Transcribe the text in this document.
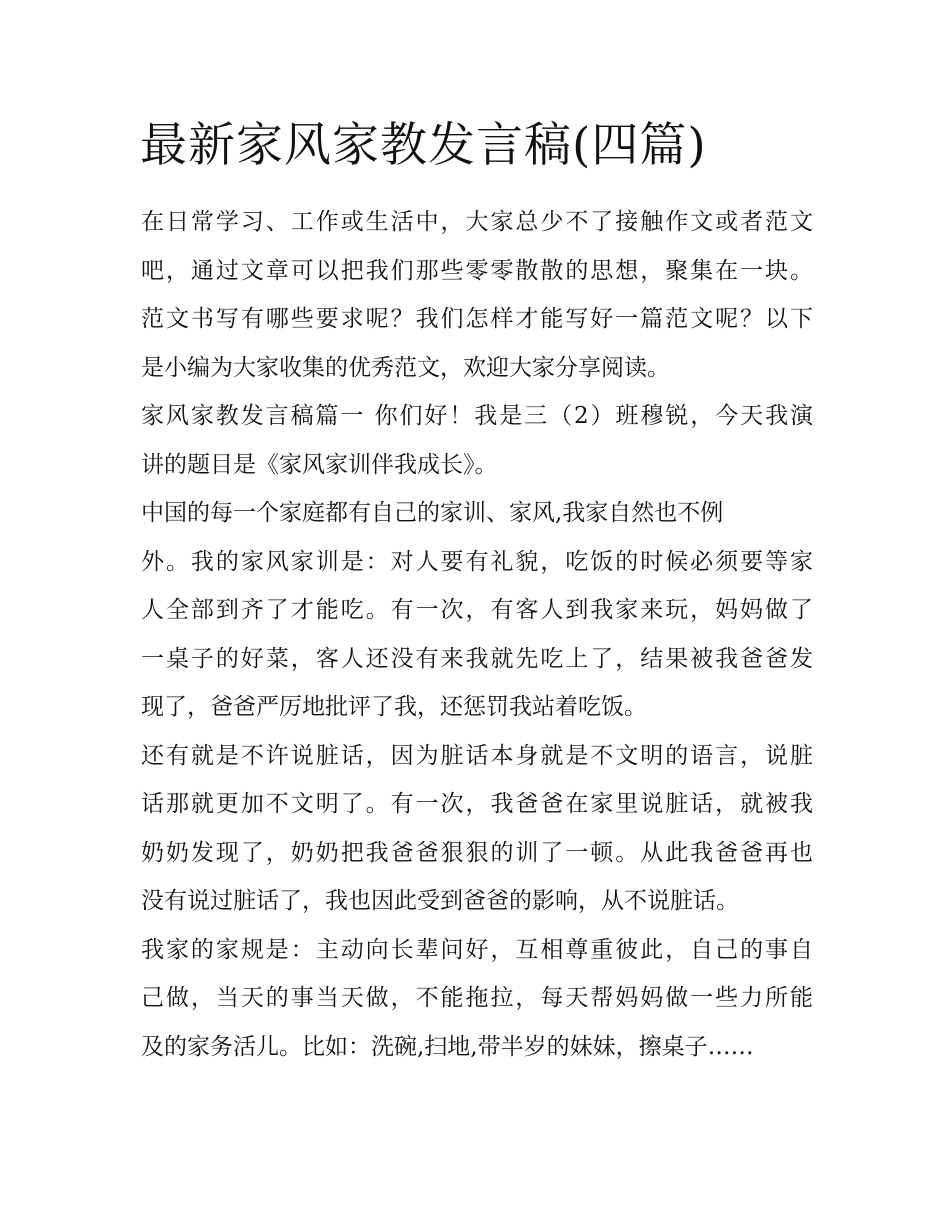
最新家风家教发言稿(四篇)

在日常学习、工作或生活中，大家总少不了接触作文或者范文
吧，通过文章可以把我们那些零零散散的思想，聚集在一块。
范文书写有哪些要求呢？我们怎样才能写好一篇范文呢？以下
是小编为大家收集的优秀范文，欢迎大家分享阅读。

家风家教发言稿篇一 你们好！我是三（2）班穆锐，今天我演
讲的题目是《家风家训伴我成长》。

中国的每一个家庭都有自己的家训、家风,我家自然也不例
外。我的家风家训是：对人要有礼貌，吃饭的时候必须要等家
人全部到齐了才能吃。有一次，有客人到我家来玩，妈妈做了
一桌子的好菜，客人还没有来我就先吃上了，结果被我爸爸发
现了，爸爸严厉地批评了我，还惩罚我站着吃饭。

还有就是不许说脏话，因为脏话本身就是不文明的语言，说脏
话那就更加不文明了。有一次，我爸爸在家里说脏话，就被我
奶奶发现了，奶奶把我爸爸狠狠的训了一顿。从此我爸爸再也
没有说过脏话了，我也因此受到爸爸的影响，从不说脏话。

我家的家规是：主动向长辈问好，互相尊重彼此，自己的事自
己做，当天的事当天做，不能拖拉，每天帮妈妈做一些力所能
及的家务活儿。比如：洗碗,扫地,带半岁的妹妹，擦桌子……
